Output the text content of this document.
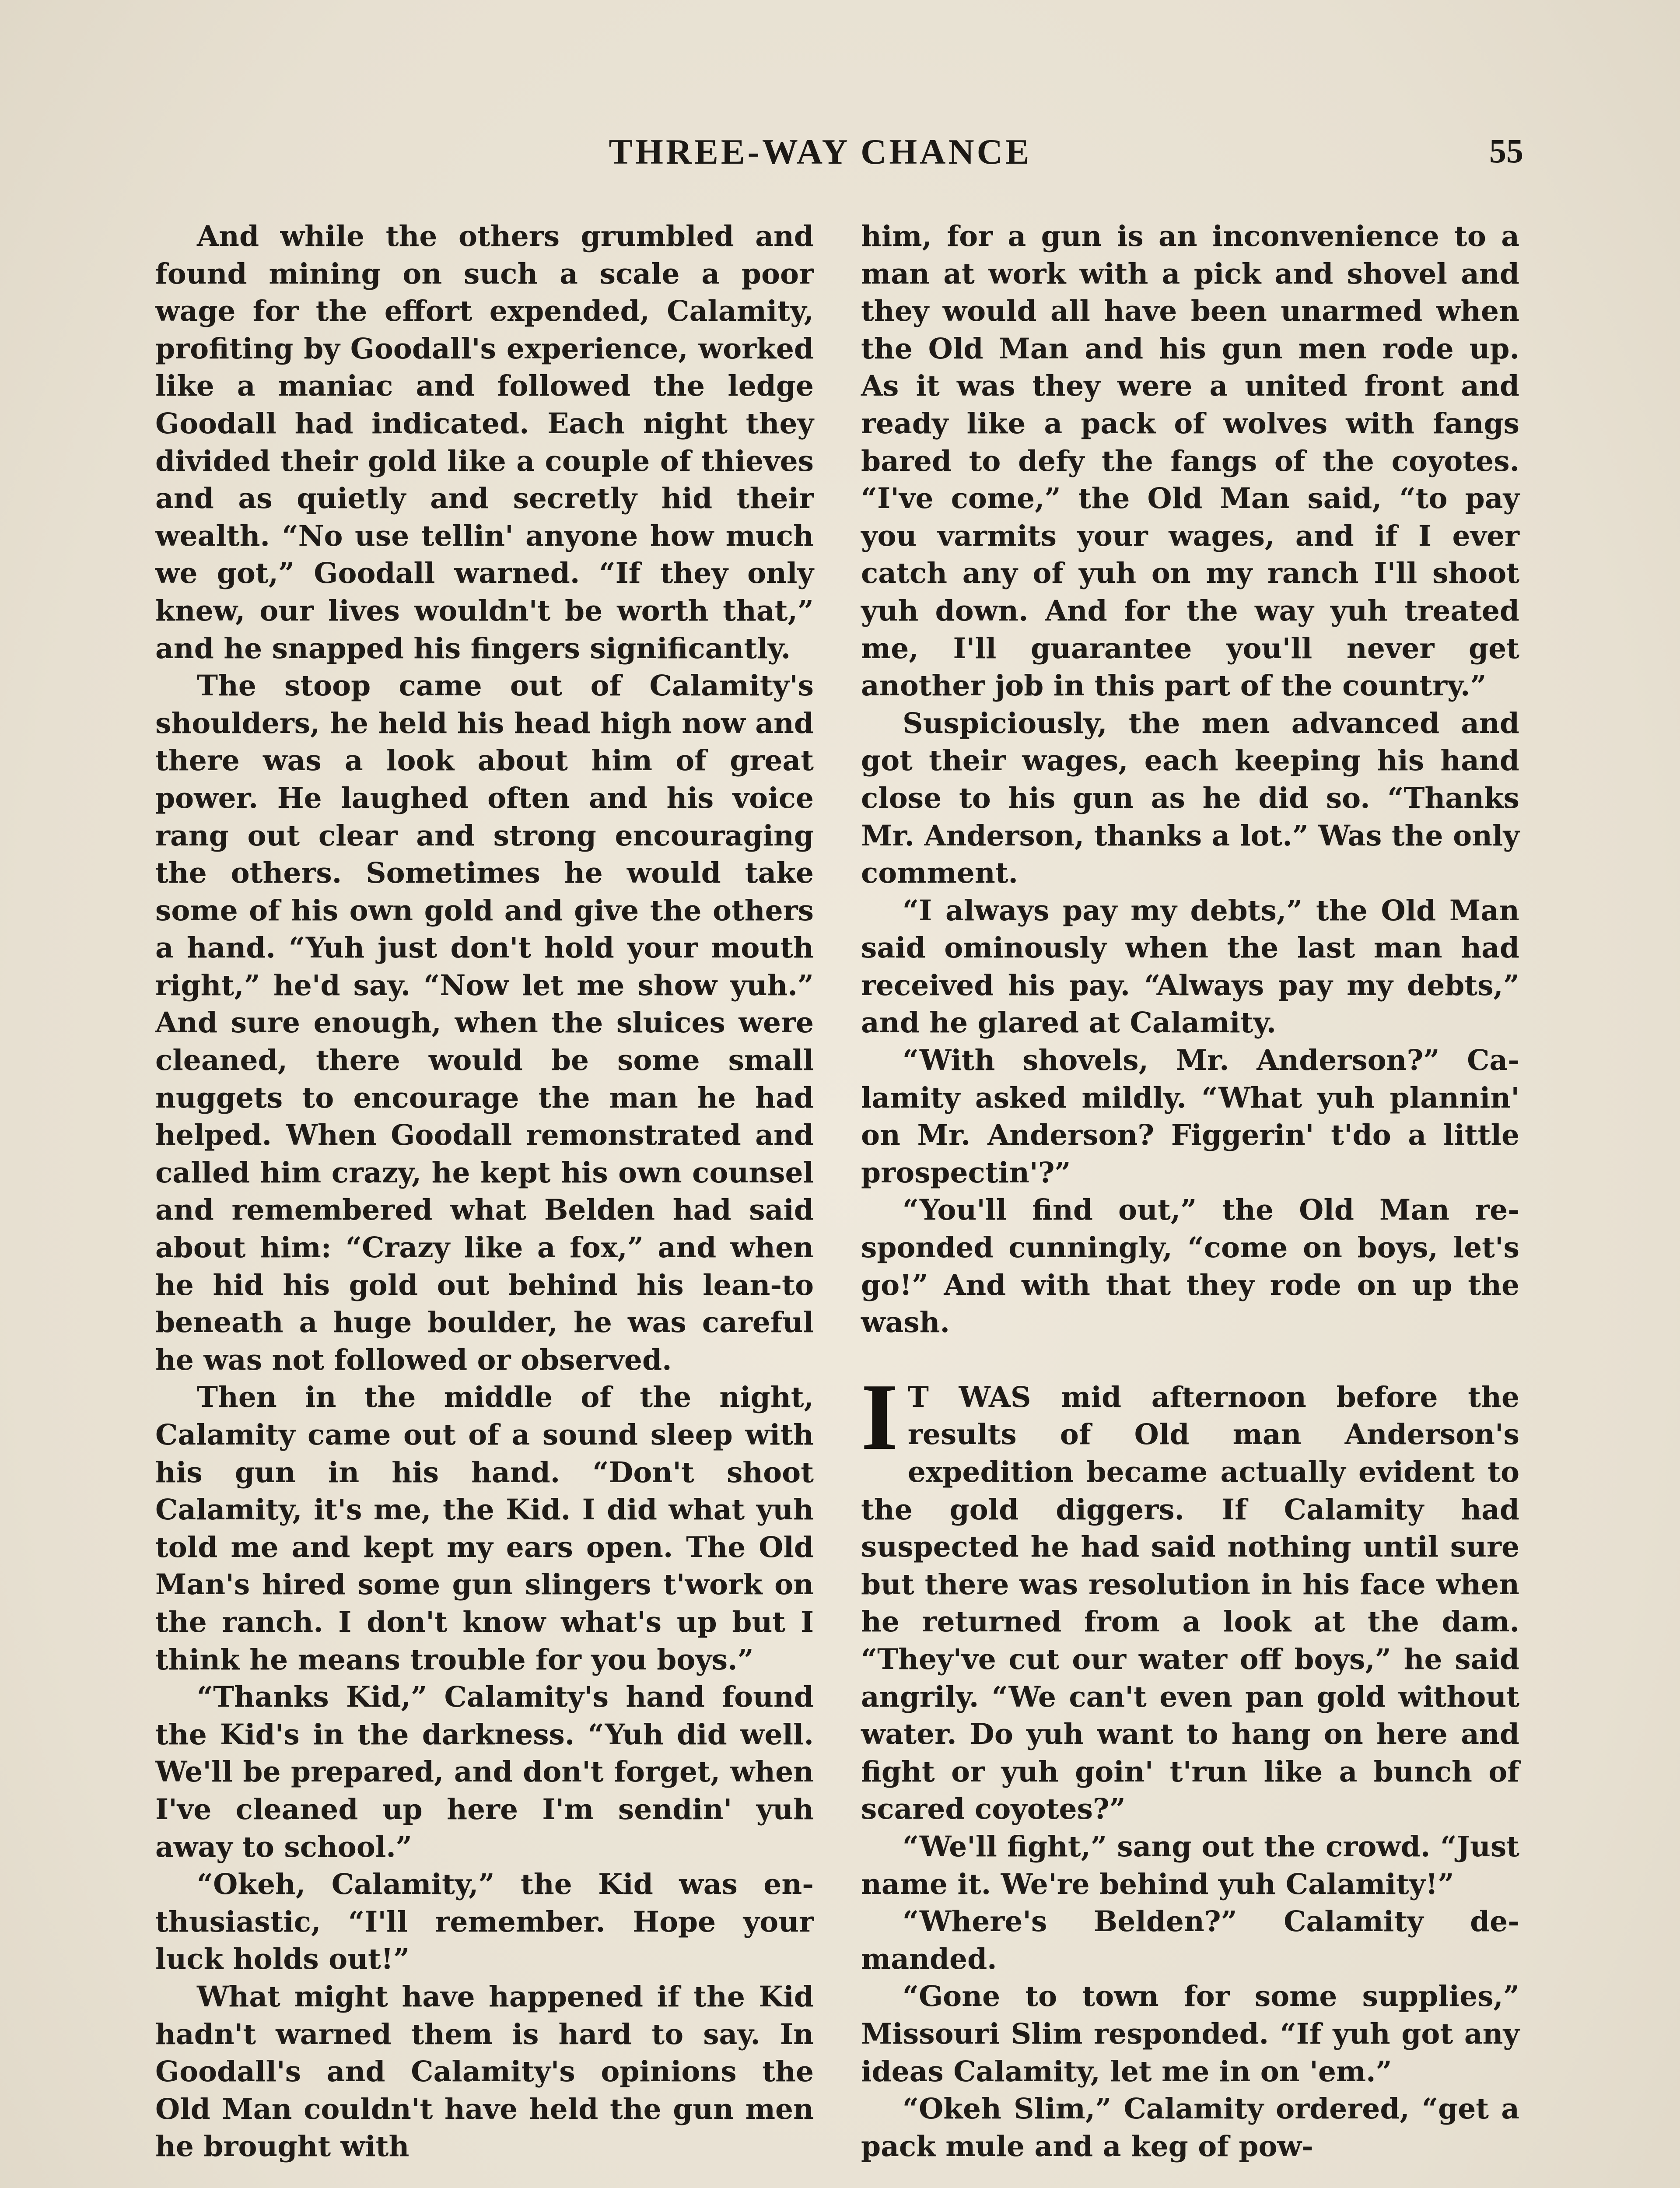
THREE-WAY CHANCE	55

And while the others grumbled and found mining on such a scale a poor wage for the effort expended, Calamity, profiting by Goodall's experience, worked like a maniac and followed the ledge Goodall had indicated. Each night they divided their gold like a couple of thieves and as quietly and secretly hid their wealth. “No use tellin' anyone how much we got,” Goodall warned. “If they only knew, our lives wouldn't be worth that,” and he snapped his fingers significantly.

The stoop came out of Calamity's shoulders, he held his head high now and there was a look about him of great power. He laughed often and his voice rang out clear and strong encouraging the others. Sometimes he would take some of his own gold and give the others a hand. “Yuh just don't hold your mouth right,” he'd say. “Now let me show yuh.” And sure enough, when the sluices were cleaned, there would be some small nuggets to encourage the man he had helped. When Goodall remonstrated and called him crazy, he kept his own counsel and remembered what Belden had said about him: “Crazy like a fox,” and when he hid his gold out behind his lean-to beneath a huge boulder, he was careful he was not followed or observed.

Then in the middle of the night, Calamity came out of a sound sleep with his gun in his hand. “Don't shoot Calamity, it's me, the Kid. I did what yuh told me and kept my ears open. The Old Man's hired some gun slingers t'work on the ranch. I don't know what's up but I think he means trouble for you boys.”

“Thanks Kid,” Calamity's hand found the Kid's in the darkness. “Yuh did well. We'll be prepared, and don't forget, when I've cleaned up here I'm sendin' yuh away to school.”

“Okeh, Calamity,” the Kid was enthusiastic, “I'll remember. Hope your luck holds out!”

What might have happened if the Kid hadn't warned them is hard to say. In Goodall's and Calamity's opinions the Old Man couldn't have held the gun men he brought with

him, for a gun is an inconvenience to a man at work with a pick and shovel and they would all have been unarmed when the Old Man and his gun men rode up. As it was they were a united front and ready like a pack of wolves with fangs bared to defy the fangs of the coyotes. “I've come,” the Old Man said, “to pay you varmits your wages, and if I ever catch any of yuh on my ranch I'll shoot yuh down. And for the way yuh treated me, I'll guarantee you'll never get another job in this part of the country.”

Suspiciously, the men advanced and got their wages, each keeping his hand close to his gun as he did so. “Thanks Mr. Anderson, thanks a lot.” Was the only comment.

“I always pay my debts,” the Old Man said ominously when the last man had received his pay. “Always pay my debts,” and he glared at Calamity.

“With shovels, Mr. Anderson?” Calamity asked mildly. “What yuh plannin' on Mr. Anderson? Figgerin' t'do a little prospectin'?”

“You'll find out,” the Old Man responded cunningly, “come on boys, let's go!” And with that they rode on up the wash.

I T WAS mid afternoon before the results of Old man Anderson's expedition became actually evident to the gold diggers. If Calamity had suspected he had said nothing until sure but there was resolution in his face when he returned from a look at the dam. “They've cut our water off boys,” he said angrily. “We can't even pan gold without water. Do yuh want to hang on here and fight or yuh goin' t'run like a bunch of scared coyotes?”

“We'll fight,” sang out the crowd. “Just name it. We're behind yuh Calamity!”

“Where's Belden?” Calamity demanded.

“Gone to town for some supplies,” Missouri Slim responded. “If yuh got any ideas Calamity, let me in on 'em.”

“Okeh Slim,” Calamity ordered, “get a pack mule and a keg of pow-
